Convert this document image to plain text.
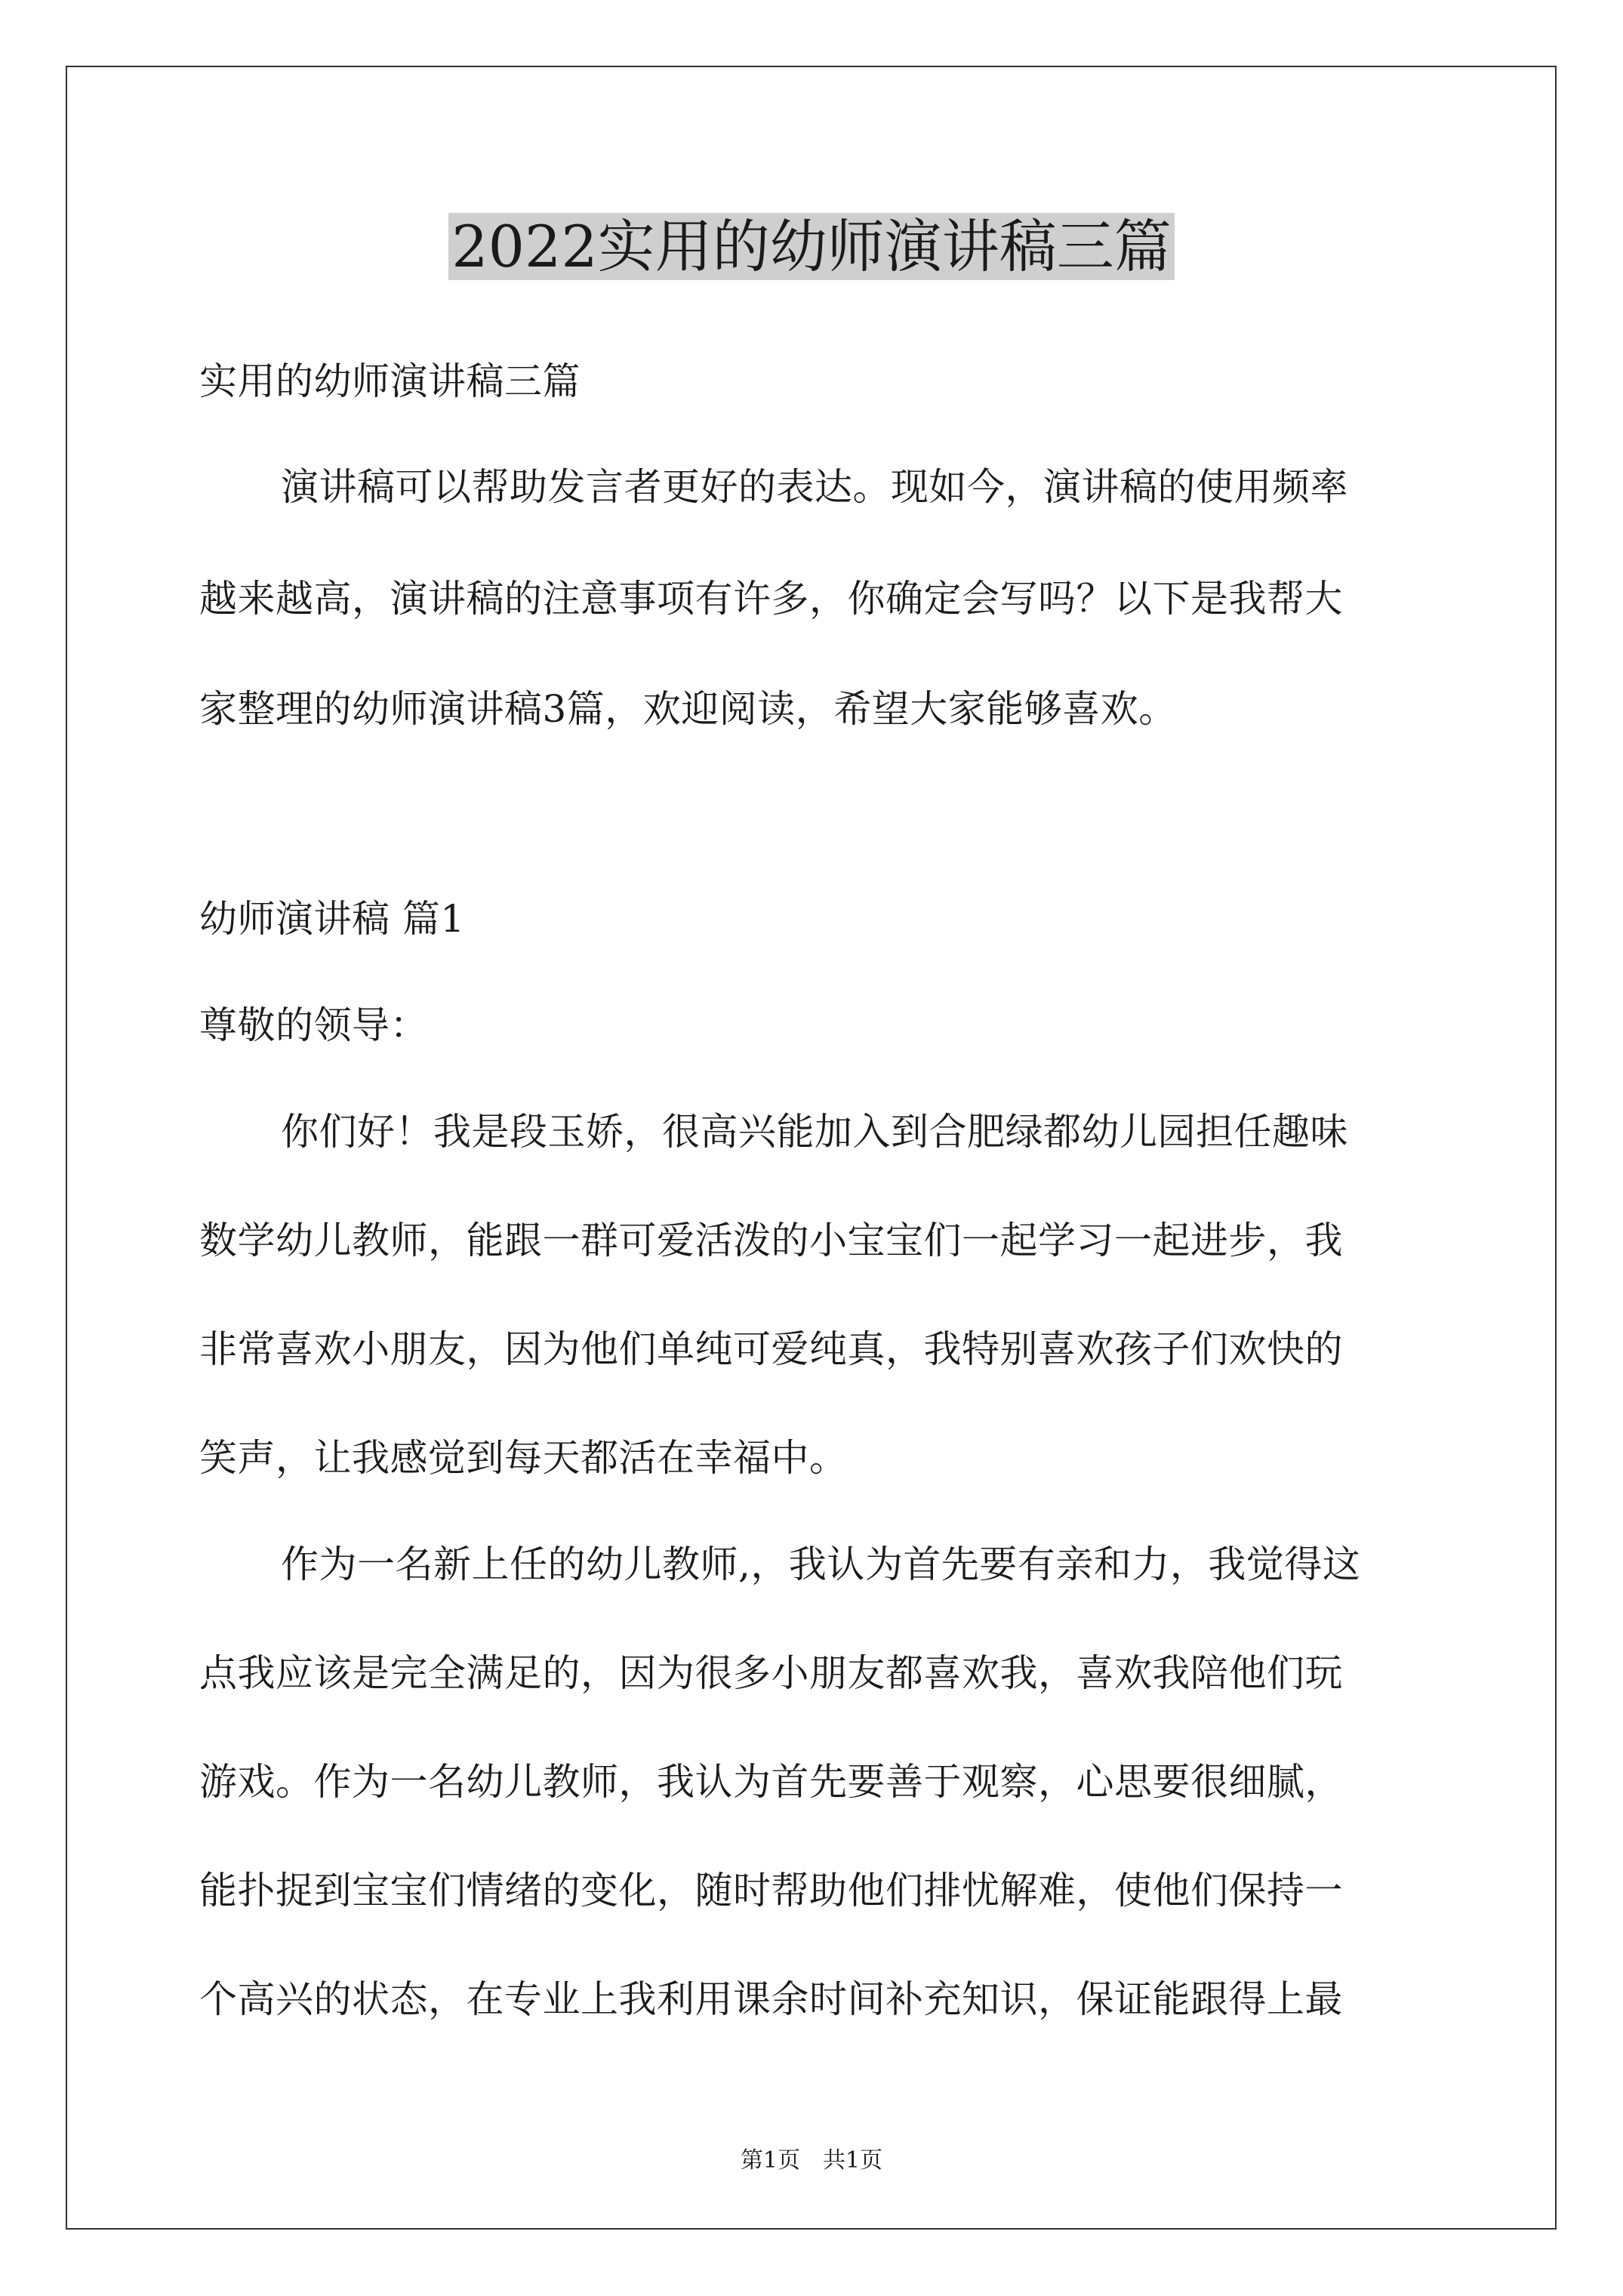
2022实用的幼师演讲稿三篇
实用的幼师演讲稿三篇
演讲稿可以帮助发言者更好的表达。现如今，演讲稿的使用频率
越来越高，演讲稿的注意事项有许多，你确定会写吗？以下是我帮大
家整理的幼师演讲稿3篇，欢迎阅读，希望大家能够喜欢。
幼师演讲稿 篇1
尊敬的领导：
你们好！我是段玉娇，很高兴能加入到合肥绿都幼儿园担任趣味
数学幼儿教师，能跟一群可爱活泼的小宝宝们一起学习一起进步，我
非常喜欢小朋友，因为他们单纯可爱纯真，我特别喜欢孩子们欢快的
笑声，让我感觉到每天都活在幸福中。
作为一名新上任的幼儿教师,，我认为首先要有亲和力，我觉得这
点我应该是完全满足的，因为很多小朋友都喜欢我，喜欢我陪他们玩
游戏。作为一名幼儿教师，我认为首先要善于观察，心思要很细腻，
能扑捉到宝宝们情绪的变化，随时帮助他们排忧解难，使他们保持一
个高兴的状态，在专业上我利用课余时间补充知识，保证能跟得上最
第1页　共1页
